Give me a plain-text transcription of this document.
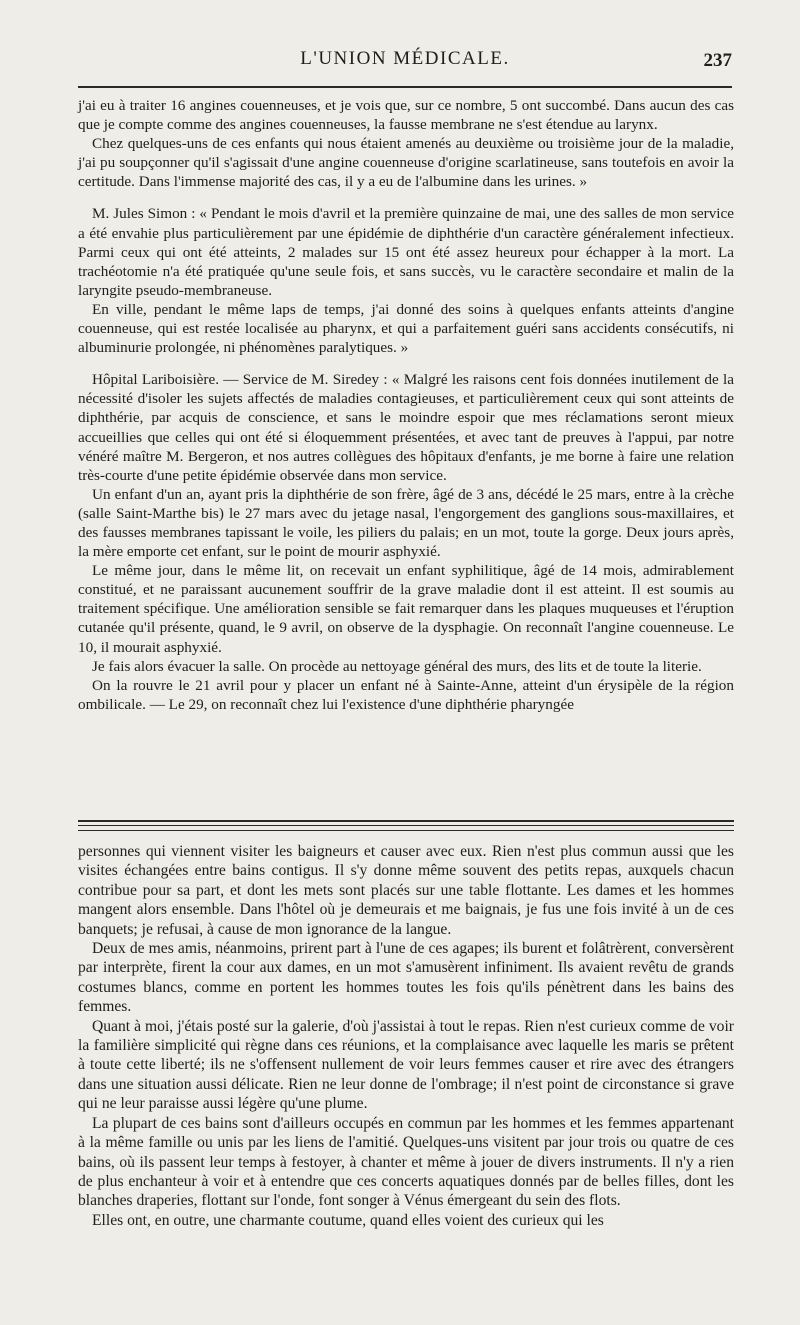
L'UNION MÉDICALE.	237

j'ai eu à traiter 16 angines couenneuses, et je vois que, sur ce nombre, 5 ont succombé. Dans aucun des cas que je compte comme des angines couenneuses, la fausse membrane ne s'est étendue au larynx.

Chez quelques-uns de ces enfants qui nous étaient amenés au deuxième ou troisième jour de la maladie, j'ai pu soupçonner qu'il s'agissait d'une angine couenneuse d'origine scarlatineuse, sans toutefois en avoir la certitude. Dans l'immense majorité des cas, il y a eu de l'albumine dans les urines. »

M. Jules Simon : « Pendant le mois d'avril et la première quinzaine de mai, une des salles de mon service a été envahie plus particulièrement par une épidémie de diphthérie d'un caractère généralement infectieux. Parmi ceux qui ont été atteints, 2 malades sur 15 ont été assez heureux pour échapper à la mort. La trachéotomie n'a été pratiquée qu'une seule fois, et sans succès, vu le caractère secondaire et malin de la laryngite pseudo-membraneuse.

En ville, pendant le même laps de temps, j'ai donné des soins à quelques enfants atteints d'angine couenneuse, qui est restée localisée au pharynx, et qui a parfaitement guéri sans accidents consécutifs, ni albuminurie prolongée, ni phénomènes paralytiques. »

Hôpital Lariboisière. — Service de M. Siredey : « Malgré les raisons cent fois données inutilement de la nécessité d'isoler les sujets affectés de maladies contagieuses, et particulièrement ceux qui sont atteints de diphthérie, par acquis de conscience, et sans le moindre espoir que mes réclamations seront mieux accueillies que celles qui ont été si éloquemment présentées, et avec tant de preuves à l'appui, par notre vénéré maître M. Bergeron, et nos autres collègues des hôpitaux d'enfants, je me borne à faire une relation très-courte d'une petite épidémie observée dans mon service.

Un enfant d'un an, ayant pris la diphthérie de son frère, âgé de 3 ans, décédé le 25 mars, entre à la crèche (salle Saint-Marthe bis) le 27 mars avec du jetage nasal, l'engorgement des ganglions sous-maxillaires, et des fausses membranes tapissant le voile, les piliers du palais; en un mot, toute la gorge. Deux jours après, la mère emporte cet enfant, sur le point de mourir asphyxié.

Le même jour, dans le même lit, on recevait un enfant syphilitique, âgé de 14 mois, admirablement constitué, et ne paraissant aucunement souffrir de la grave maladie dont il est atteint. Il est soumis au traitement spécifique. Une amélioration sensible se fait remarquer dans les plaques muqueuses et l'éruption cutanée qu'il présente, quand, le 9 avril, on observe de la dysphagie. On reconnaît l'angine couenneuse. Le 10, il mourait asphyxié.

Je fais alors évacuer la salle. On procède au nettoyage général des murs, des lits et de toute la literie.

On la rouvre le 21 avril pour y placer un enfant né à Sainte-Anne, atteint d'un érysipèle de la région ombilicale. — Le 29, on reconnaît chez lui l'existence d'une diphthérie pharyngée

personnes qui viennent visiter les baigneurs et causer avec eux. Rien n'est plus commun aussi que les visites échangées entre bains contigus. Il s'y donne même souvent des petits repas, auxquels chacun contribue pour sa part, et dont les mets sont placés sur une table flottante. Les dames et les hommes mangent alors ensemble. Dans l'hôtel où je demeurais et me baignais, je fus une fois invité à un de ces banquets; je refusai, à cause de mon ignorance de la langue.

Deux de mes amis, néanmoins, prirent part à l'une de ces agapes; ils burent et folâtrèrent, conversèrent par interprète, firent la cour aux dames, en un mot s'amusèrent infiniment. Ils avaient revêtu de grands costumes blancs, comme en portent les hommes toutes les fois qu'ils pénètrent dans les bains des femmes.

Quant à moi, j'étais posté sur la galerie, d'où j'assistai à tout le repas. Rien n'est curieux comme de voir la familière simplicité qui règne dans ces réunions, et la complaisance avec laquelle les maris se prêtent à toute cette liberté; ils ne s'offensent nullement de voir leurs femmes causer et rire avec des étrangers dans une situation aussi délicate. Rien ne leur donne de l'ombrage; il n'est point de circonstance si grave qui ne leur paraisse aussi légère qu'une plume.

La plupart de ces bains sont d'ailleurs occupés en commun par les hommes et les femmes appartenant à la même famille ou unis par les liens de l'amitié. Quelques-uns visitent par jour trois ou quatre de ces bains, où ils passent leur temps à festoyer, à chanter et même à jouer de divers instruments. Il n'y a rien de plus enchanteur à voir et à entendre que ces concerts aquatiques donnés par de belles filles, dont les blanches draperies, flottant sur l'onde, font songer à Vénus émergeant du sein des flots.

Elles ont, en outre, une charmante coutume, quand elles voient des curieux qui les
